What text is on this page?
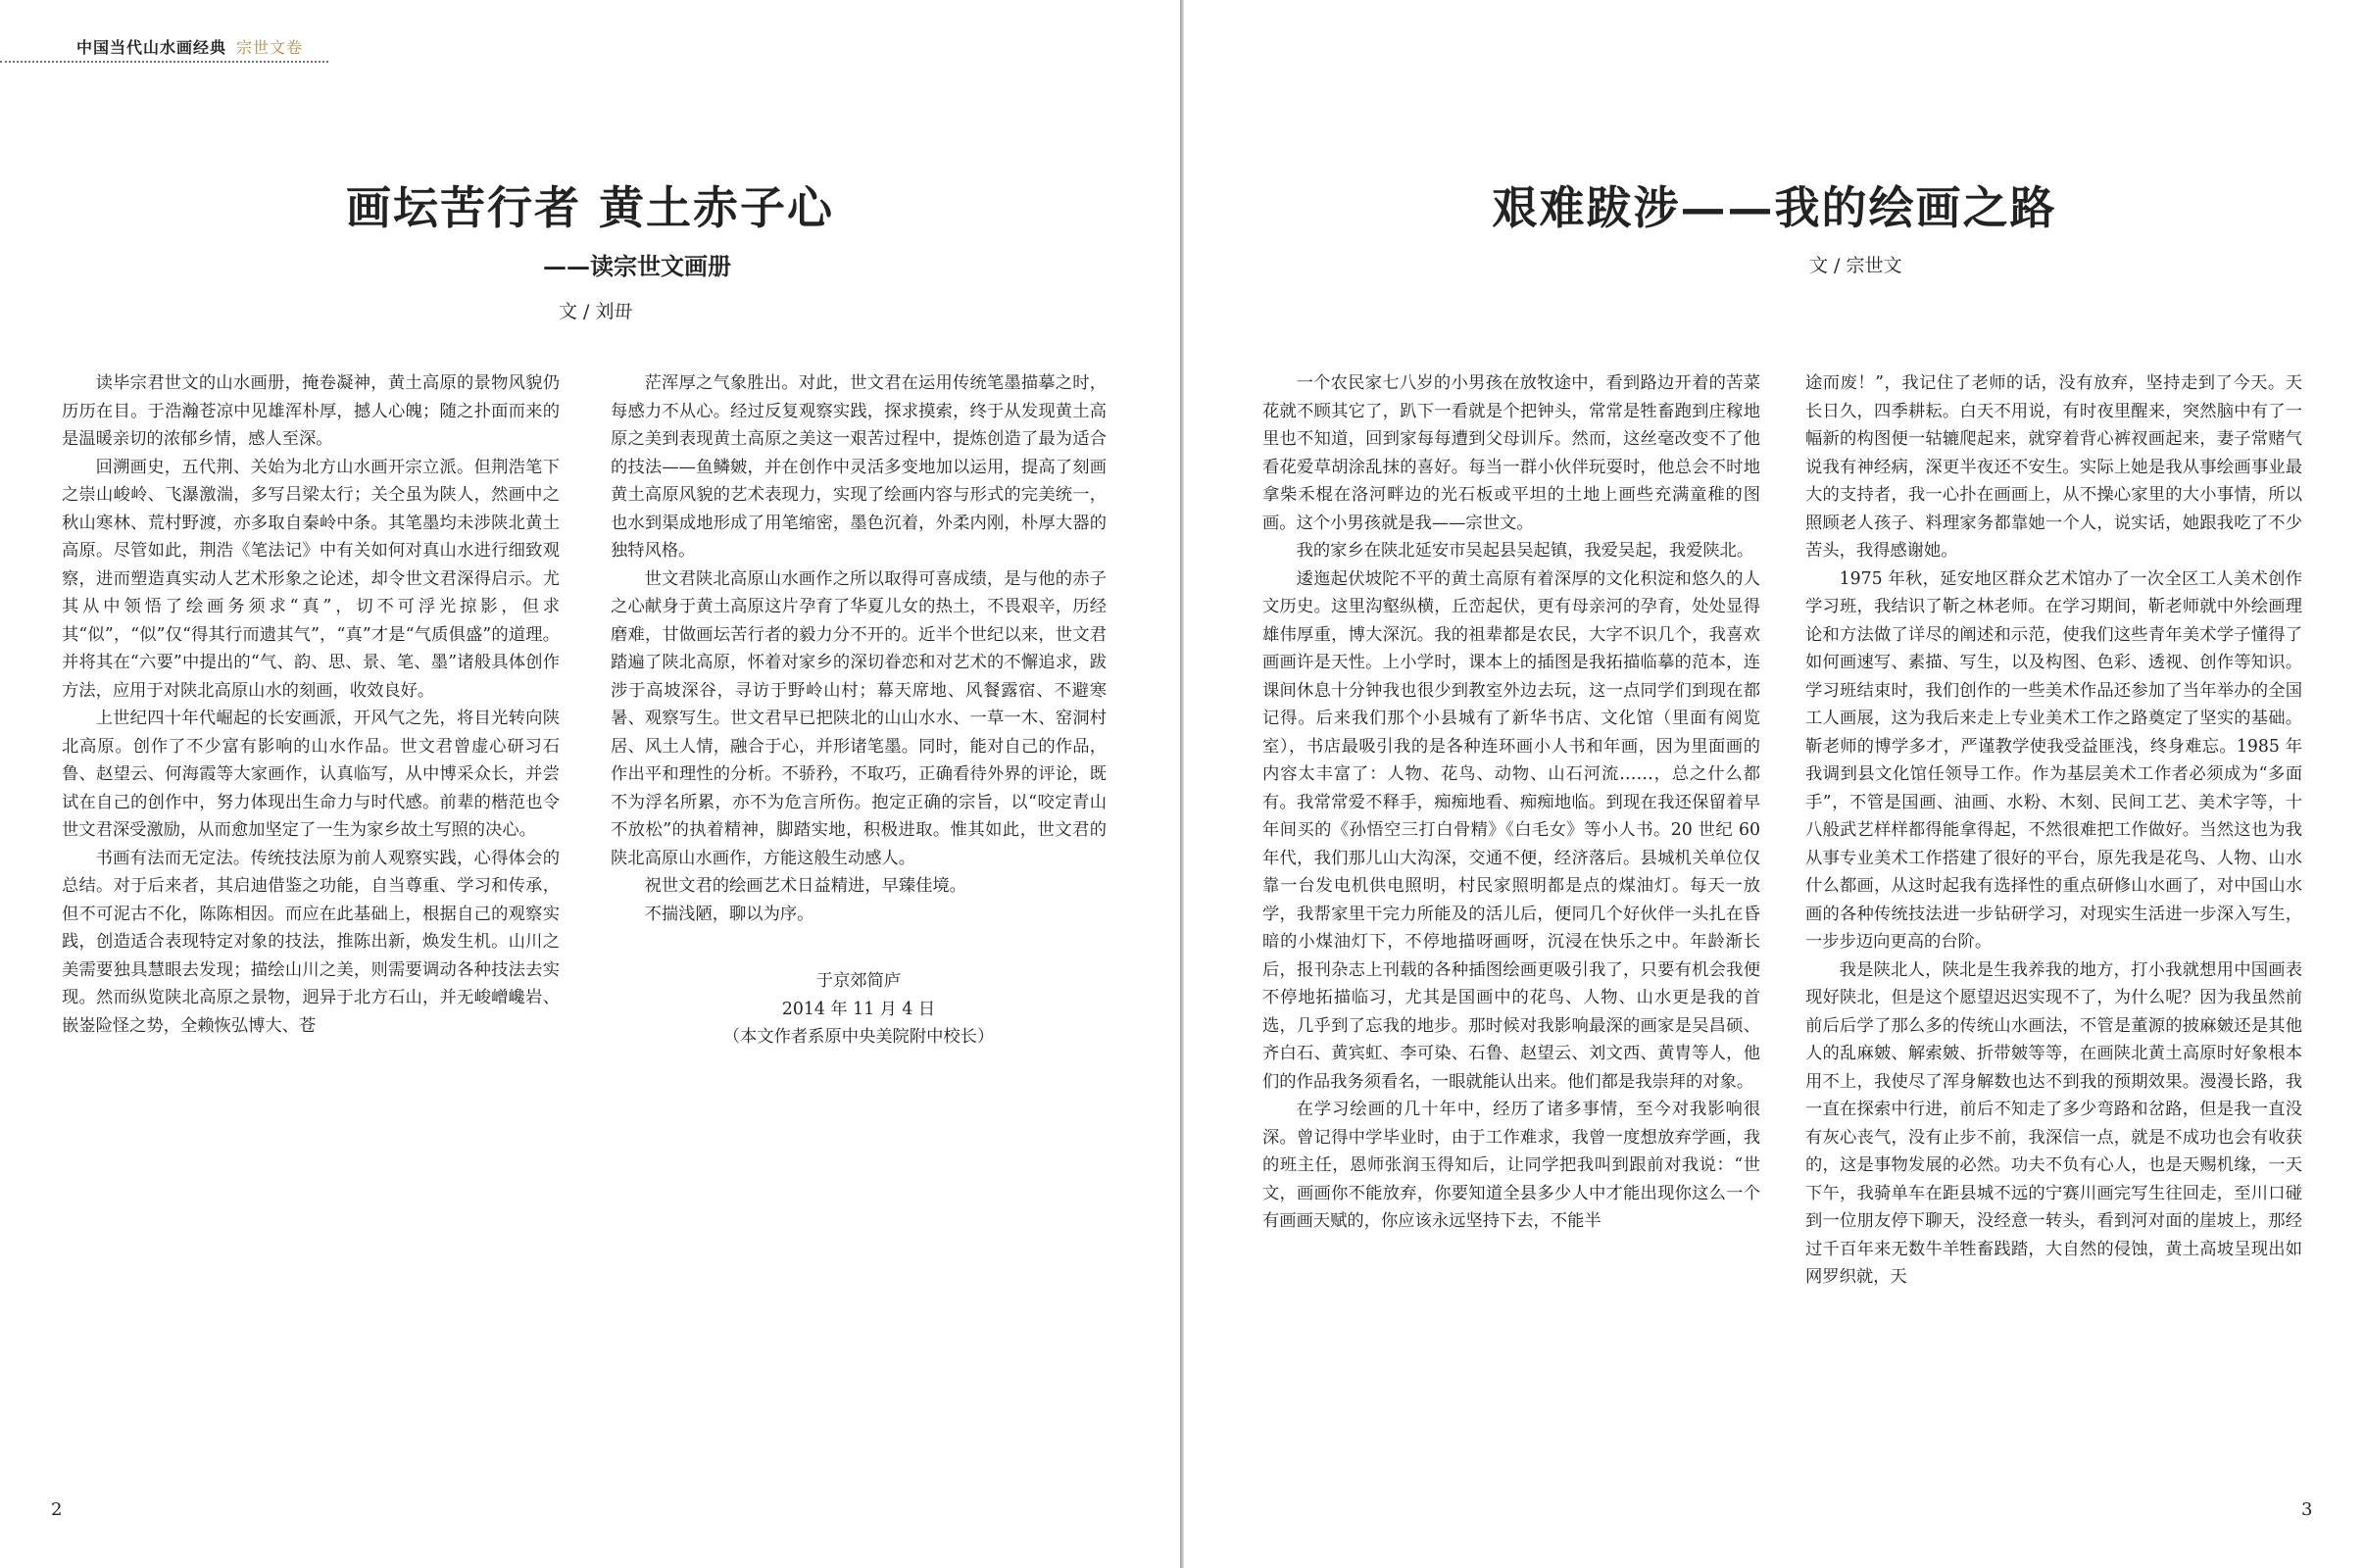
中国当代山水画经典 宗世文卷
画坛苦行者 黄土赤子心
——读宗世文画册
文 / 刘毌

读毕宗君世文的山水画册，掩卷凝神，黄土高原的景物风貌仍历历在目。于浩瀚苍凉中见雄浑朴厚，撼人心魄；随之扑面而来的是温暖亲切的浓郁乡情，感人至深。

回溯画史，五代荆、关始为北方山水画开宗立派。但荆浩笔下之崇山峻岭、飞瀑激湍，多写吕梁太行；关仝虽为陕人，然画中之秋山寒林、荒村野渡，亦多取自秦岭中条。其笔墨均未涉陕北黄土高原。尽管如此，荆浩《笔法记》中有关如何对真山水进行细致观察，进而塑造真实动人艺术形象之论述，却令世文君深得启示。尤其从中领悟了绘画务须求“真”，切不可浮光掠影，但求其“似”，“似”仅“得其行而遗其气”，“真”才是“气质俱盛”的道理。并将其在“六要”中提出的“气、韵、思、景、笔、墨”诸般具体创作方法，应用于对陕北高原山水的刻画，收效良好。

上世纪四十年代崛起的长安画派，开风气之先，将目光转向陕北高原。创作了不少富有影响的山水作品。世文君曾虚心研习石鲁、赵望云、何海霞等大家画作，认真临写，从中博采众长，并尝试在自己的创作中，努力体现出生命力与时代感。前辈的楷范也令世文君深受激励，从而愈加坚定了一生为家乡故土写照的决心。

书画有法而无定法。传统技法原为前人观察实践，心得体会的总结。对于后来者，其启迪借鉴之功能，自当尊重、学习和传承，但不可泥古不化，陈陈相因。而应在此基础上，根据自己的观察实践，创造适合表现特定对象的技法，推陈出新，焕发生机。山川之美需要独具慧眼去发现；描绘山川之美，则需要调动各种技法去实现。然而纵览陕北高原之景物，迥异于北方石山，并无峻嶒巉岩、嵌崟险怪之势，全赖恢弘博大、苍

茫浑厚之气象胜出。对此，世文君在运用传统笔墨描摹之时，每感力不从心。经过反复观察实践，探求摸索，终于从发现黄土高原之美到表现黄土高原之美这一艰苦过程中，提炼创造了最为适合的技法——鱼鳞皴，并在创作中灵活多变地加以运用，提高了刻画黄土高原风貌的艺术表现力，实现了绘画内容与形式的完美统一，也水到渠成地形成了用笔缩密，墨色沉着，外柔内刚，朴厚大器的独特风格。

世文君陕北高原山水画作之所以取得可喜成绩，是与他的赤子之心献身于黄土高原这片孕育了华夏儿女的热土，不畏艰辛，历经磨难，甘做画坛苦行者的毅力分不开的。近半个世纪以来，世文君踏遍了陕北高原，怀着对家乡的深切眷恋和对艺术的不懈追求，跋涉于高坡深谷，寻访于野岭山村；幕天席地、风餐露宿、不避寒暑、观察写生。世文君早已把陕北的山山水水、一草一木、窑洞村居、风土人情，融合于心，并形诸笔墨。同时，能对自己的作品，作出平和理性的分析。不骄矜，不取巧，正确看待外界的评论，既不为浮名所累，亦不为危言所伤。抱定正确的宗旨，以“咬定青山不放松”的执着精神，脚踏实地，积极进取。惟其如此，世文君的陕北高原山水画作，方能这般生动感人。

祝世文君的绘画艺术日益精进，早臻佳境。

不揣浅陋，聊以为序。

于京郊简庐

2014 年 11 月 4 日

（本文作者系原中央美院附中校长）

2
艰难跋涉——我的绘画之路
文 / 宗世文

一个农民家七八岁的小男孩在放牧途中，看到路边开着的苦菜花就不顾其它了，趴下一看就是个把钟头，常常是牲畜跑到庄稼地里也不知道，回到家每每遭到父母训斥。然而，这丝毫改变不了他看花爱草胡涂乱抹的喜好。每当一群小伙伴玩耍时，他总会不时地拿柴禾棍在洛河畔边的光石板或平坦的土地上画些充满童稚的图画。这个小男孩就是我——宗世文。

我的家乡在陕北延安市吴起县吴起镇，我爱吴起，我爱陕北。

逶迤起伏坡陀不平的黄土高原有着深厚的文化积淀和悠久的人文历史。这里沟壑纵横，丘峦起伏，更有母亲河的孕育，处处显得雄伟厚重，博大深沉。我的祖辈都是农民，大字不识几个，我喜欢画画许是天性。上小学时，课本上的插图是我拓描临摹的范本，连课间休息十分钟我也很少到教室外边去玩，这一点同学们到现在都记得。后来我们那个小县城有了新华书店、文化馆（里面有阅览室），书店最吸引我的是各种连环画小人书和年画，因为里面画的内容太丰富了：人物、花鸟、动物、山石河流……，总之什么都有。我常常爱不释手，痴痴地看、痴痴地临。到现在我还保留着早年间买的《孙悟空三打白骨精》《白毛女》等小人书。20 世纪 60 年代，我们那儿山大沟深，交通不便，经济落后。县城机关单位仅靠一台发电机供电照明，村民家照明都是点的煤油灯。每天一放学，我帮家里干完力所能及的活儿后，便同几个好伙伴一头扎在昏暗的小煤油灯下，不停地描呀画呀，沉浸在快乐之中。年龄渐长后，报刊杂志上刊载的各种插图绘画更吸引我了，只要有机会我便不停地拓描临习，尤其是国画中的花鸟、人物、山水更是我的首选，几乎到了忘我的地步。那时候对我影响最深的画家是吴昌硕、齐白石、黄宾虹、李可染、石鲁、赵望云、刘文西、黄胄等人，他们的作品我务须看名，一眼就能认出来。他们都是我崇拜的对象。

在学习绘画的几十年中，经历了诸多事情，至今对我影响很深。曾记得中学毕业时，由于工作难求，我曾一度想放弃学画，我的班主任，恩师张润玉得知后，让同学把我叫到跟前对我说：“世文，画画你不能放弃，你要知道全县多少人中才能出现你这么一个有画画天赋的，你应该永远坚持下去，不能半

途而废！”，我记住了老师的话，没有放弃，坚持走到了今天。天长日久，四季耕耘。白天不用说，有时夜里醒来，突然脑中有了一幅新的构图便一轱辘爬起来，就穿着背心裤衩画起来，妻子常赌气说我有神经病，深更半夜还不安生。实际上她是我从事绘画事业最大的支持者，我一心扑在画画上，从不操心家里的大小事情，所以照顾老人孩子、料理家务都靠她一个人，说实话，她跟我吃了不少苦头，我得感谢她。

1975 年秋，延安地区群众艺术馆办了一次全区工人美术创作学习班，我结识了靳之林老师。在学习期间，靳老师就中外绘画理论和方法做了详尽的阐述和示范，使我们这些青年美术学子懂得了如何画速写、素描、写生，以及构图、色彩、透视、创作等知识。学习班结束时，我们创作的一些美术作品还参加了当年举办的全国工人画展，这为我后来走上专业美术工作之路奠定了坚实的基础。靳老师的博学多才，严谨教学使我受益匪浅，终身难忘。1985 年我调到县文化馆任领导工作。作为基层美术工作者必须成为“多面手”，不管是国画、油画、水粉、木刻、民间工艺、美术字等，十八般武艺样样都得能拿得起，不然很难把工作做好。当然这也为我从事专业美术工作搭建了很好的平台，原先我是花鸟、人物、山水什么都画，从这时起我有选择性的重点研修山水画了，对中国山水画的各种传统技法进一步钻研学习，对现实生活进一步深入写生，一步步迈向更高的台阶。

我是陕北人，陕北是生我养我的地方，打小我就想用中国画表现好陕北，但是这个愿望迟迟实现不了，为什么呢？因为我虽然前前后后学了那么多的传统山水画法，不管是董源的披麻皴还是其他人的乱麻皴、解索皴、折带皴等等，在画陕北黄土高原时好象根本用不上，我使尽了浑身解数也达不到我的预期效果。漫漫长路，我一直在探索中行进，前后不知走了多少弯路和岔路，但是我一直没有灰心丧气，没有止步不前，我深信一点，就是不成功也会有收获的，这是事物发展的必然。功夫不负有心人，也是天赐机缘，一天下午，我骑单车在距县城不远的宁赛川画完写生往回走，至川口碰到一位朋友停下聊天，没经意一转头，看到河对面的崖坡上，那经过千百年来无数牛羊牲畜践踏，大自然的侵蚀，黄土高坡呈现出如网罗织就，天

3
